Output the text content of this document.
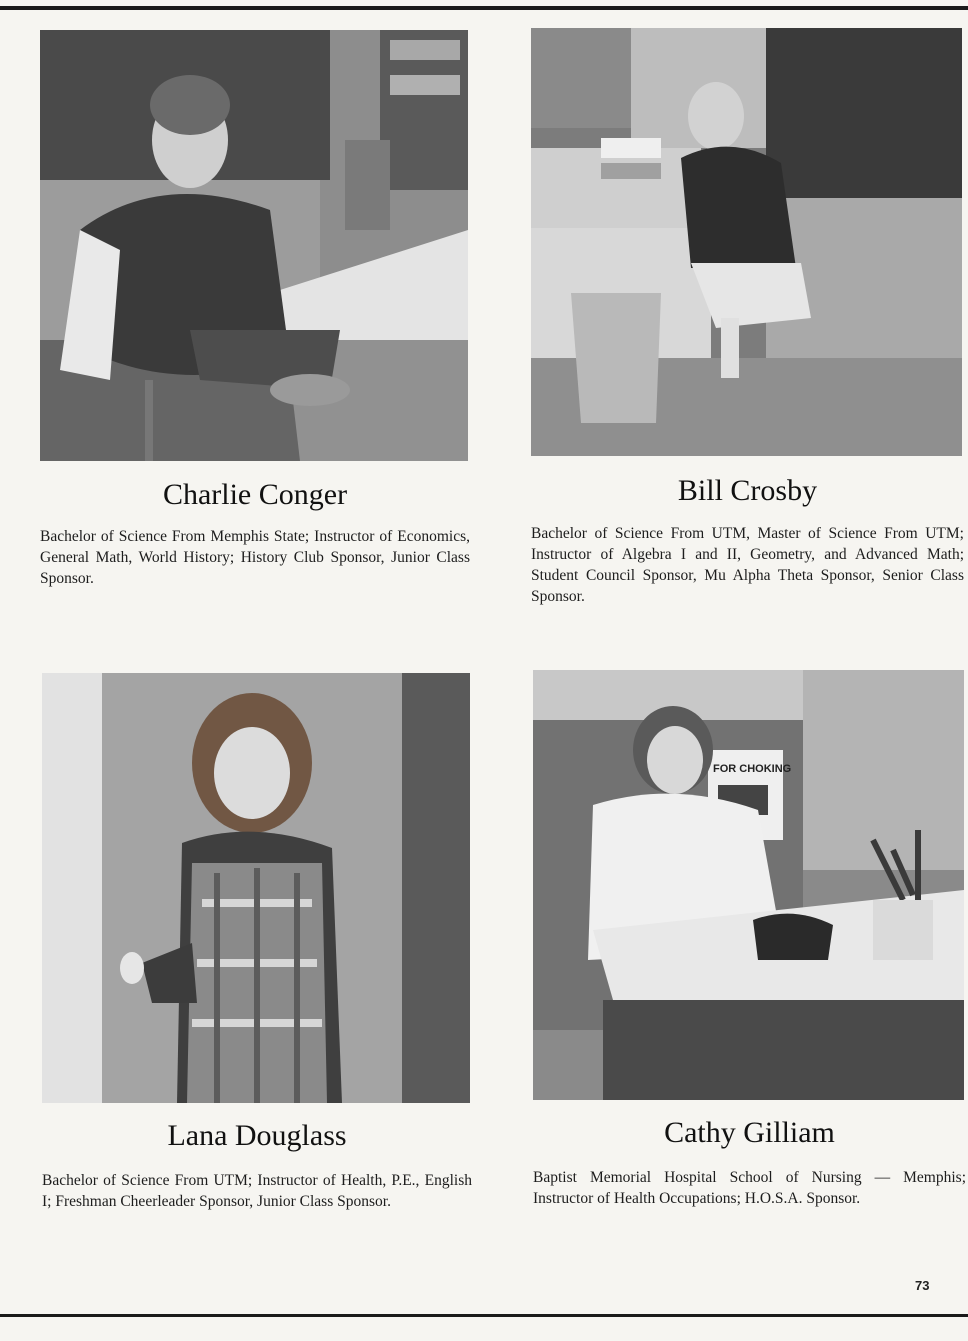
Charlie Conger
Bachelor of Science From Memphis State; Instructor of Economics, General Math, World History; History Club Sponsor, Junior Class Sponsor.
Bill Crosby
Bachelor of Science From UTM, Master of Science From UTM; Instructor of Algebra I and II, Geometry, and Advanced Math; Student Council Sponsor, Mu Alpha Theta Sponsor, Senior Class Sponsor.
Lana Douglass
Bachelor of Science From UTM; Instructor of Health, P.E., English I; Freshman Cheerleader Sponsor, Junior Class Sponsor.
FOR CHOKING
Cathy Gilliam
Baptist Memorial Hospital School of Nursing — Memphis; Instructor of Health Occupations; H.O.S.A. Sponsor.
73
